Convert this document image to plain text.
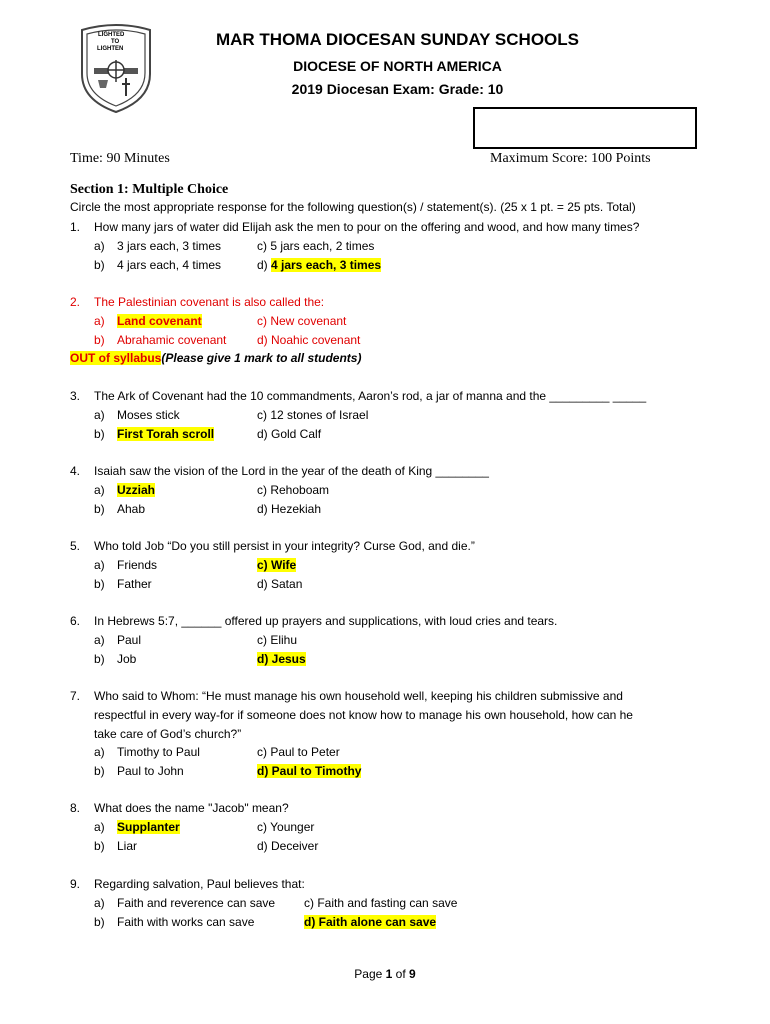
LIGHTED
TO
LIGHTEN	MAR THOMA DIOCESAN SUNDAY SCHOOLS
DIOCESE OF NORTH AMERICA
2019 Diocesan Exam: Grade: 10
Time: 90 Minutes	Maximum Score: 100 Points
Section 1: Multiple Choice
Circle the most appropriate response for the following question(s) / statement(s). (25 x 1 pt. = 25 pts. Total)
1. How many jars of water did Elijah ask the men to pour on the offering and wood, and how many times?
a) 3 jars each, 3 times	c) 5 jars each, 2 times
b) 4 jars each, 4 times	d) 4 jars each, 3 times
2. The Palestinian covenant is also called the:
a) Land covenant	c) New covenant
b) Abrahamic covenant	d) Noahic covenant
OUT of syllabus(Please give 1 mark to all students)
3. The Ark of Covenant had the 10 commandments, Aaron’s rod, a jar of manna and the _________ _____
a) Moses stick	c) 12 stones of Israel
b) First Torah scroll	d) Gold Calf
4. Isaiah saw the vision of the Lord in the year of the death of King ________
a) Uzziah	c) Rehoboam
b) Ahab	d) Hezekiah
5. Who told Job “Do you still persist in your integrity? Curse God, and die.”
a) Friends	c) Wife
b) Father	d) Satan
6. In Hebrews 5:7, ______ offered up prayers and supplications, with loud cries and tears.
a) Paul	c) Elihu
b) Job	d) Jesus
7. Who said to Whom: “He must manage his own household well, keeping his children submissive and
respectful in every way-for if someone does not know how to manage his own household, how can he
take care of God’s church?”
a) Timothy to Paul	c) Paul to Peter
b) Paul to John	d) Paul to Timothy
8. What does the name "Jacob" mean?
a) Supplanter	c) Younger
b) Liar	d) Deceiver
9. Regarding salvation, Paul believes that:
a) Faith and reverence can save c) Faith and fasting can save
b) Faith with works can save	d) Faith alone can save
Page 1 of 9
